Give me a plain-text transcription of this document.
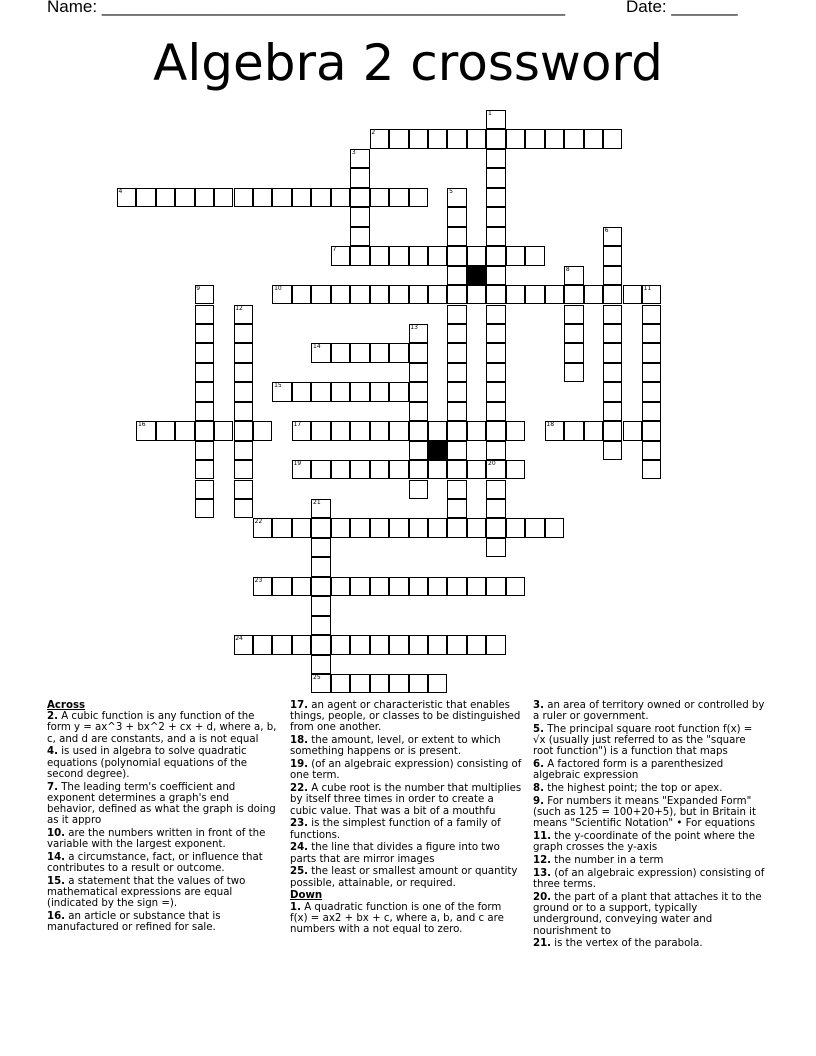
Name: _________________________________________________	Date: _______
Algebra 2 crossword
1
2
3
4	5
6
7
8
9	10	11
12
13
14
15
16	17	18
19	20
21
22
23
24
25
Across
2. A cubic function is any function of the form y = ax^3 + bx^2 + cx + d, where a, b, c, and d are constants, and a is not equal
4. is used in algebra to solve quadratic equations (polynomial equations of the second degree).
7. The leading term's coefficient and exponent determines a graph's end behavior, defined as what the graph is doing as it appro
10. are the numbers written in front of the variable with the largest exponent.
14. a circumstance, fact, or influence that contributes to a result or outcome.
15. a statement that the values of two mathematical expressions are equal (indicated by the sign =).
16. an article or substance that is manufactured or refined for sale.
17. an agent or characteristic that enables things, people, or classes to be distinguished from one another.
18. the amount, level, or extent to which something happens or is present.
19. (of an algebraic expression) consisting of one term.
22. A cube root is the number that multiplies by itself three times in order to create a cubic value. That was a bit of a mouthfu
23. is the simplest function of a family of functions.
24. the line that divides a figure into two parts that are mirror images
25. the least or smallest amount or quantity possible, attainable, or required.
Down
1. A quadratic function is one of the form f(x) = ax2 + bx + c, where a, b, and c are numbers with a not equal to zero.
3. an area of territory owned or controlled by a ruler or government.
5. The principal square root function f(x) = √x (usually just referred to as the "square root function") is a function that maps
6. A factored form is a parenthesized algebraic expression
8. the highest point; the top or apex.
9. For numbers it means "Expanded Form" (such as 125 = 100+20+5), but in Britain it means "Scientific Notation" • For equations
11. the y-coordinate of the point where the graph crosses the y-axis
12. the number in a term
13. (of an algebraic expression) consisting of three terms.
20. the part of a plant that attaches it to the ground or to a support, typically underground, conveying water and nourishment to
21. is the vertex of the parabola.
